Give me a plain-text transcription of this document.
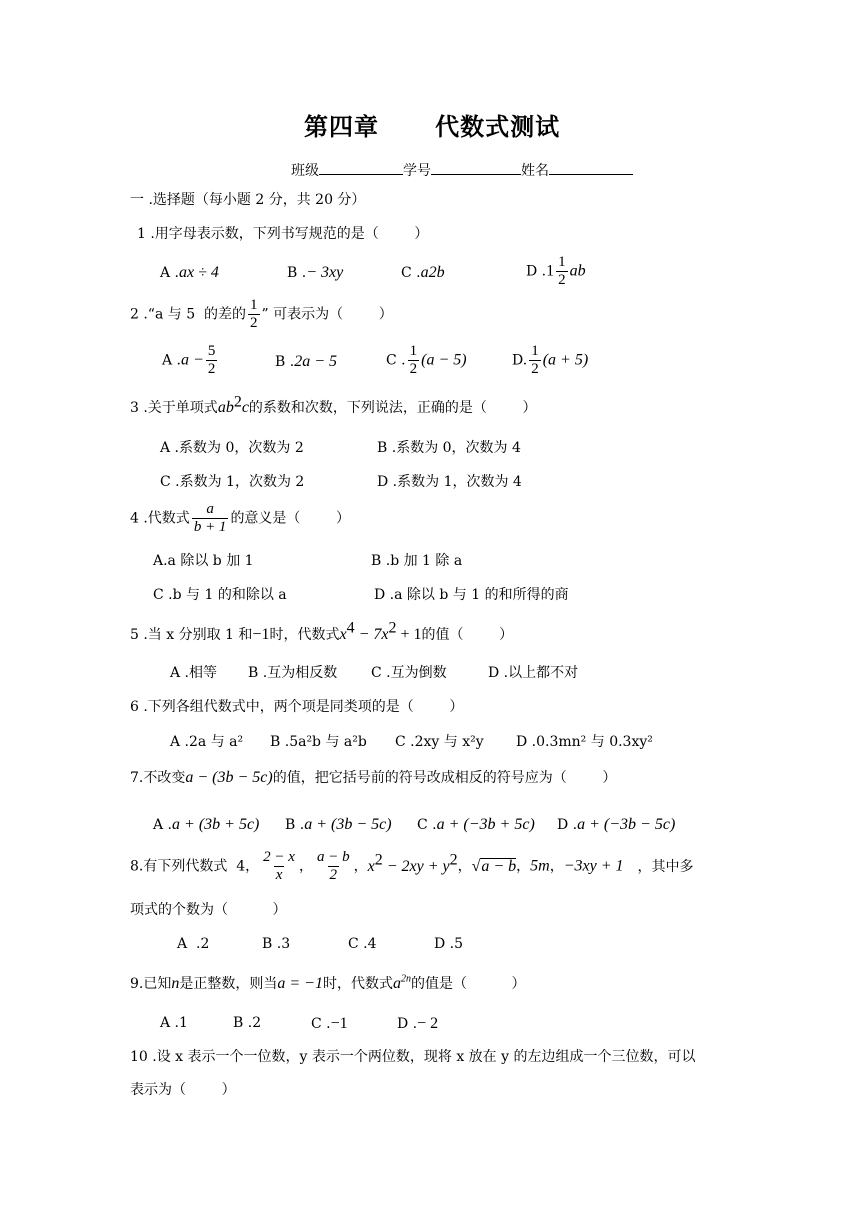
第四章      代数式测试
班级	学号	姓名
一 .选择题（每小题 2 分，共 20 分）
1 .用字母表示数，下列书写规范的是（        ）
A .ax ÷ 4	B .− 3xy	C .a2b	D $.1 \frac{1}{2}$ ab
2 .“a 与 5  的差的 $\frac{1}{2}$ ” 可表示为（        ）
A $.a - \frac{5}{2}$	B .2a − 5	C . $\frac{1}{2} (a - 5)$	D. $\frac{1}{2} (a + 5)$
3 .关于单项式$ab^2c$的系数和次数，下列说法，正确的是（        ）
A .系数为 0，次数为 2	B .系数为 0，次数为 4
C .系数为 1，次数为 2	D .系数为 1，次数为 4
4 .代数式 $\frac{a}{b + 1}$ 的意义是（        ）
A.a 除以 b 加 1	B .b 加 1 除 a
C .b 与 1 的和除以 a	D .a 除以 b 与 1 的和所得的商
5 .当 x 分别取 1 和−1时，代数式$x^4 - 7x^2 + 1$的值（        ）
A .相等 B .互为相反数 C .互为倒数	D .以上都不对
6 .下列各组代数式中，两个项是同类项的是（        ）
A .2a 与 a² B .5a²b 与 a²b C .2xy 与 x²y D .0.3mn² 与 0.3xy²
7.不改变a − (3b − 5c)的值，把它括号前的符号改成相反的符号应为（        ）
A .a + (3b + 5c) B .a + (3b − 5c) C .a + (−3b + 5c) D .a + (−3b − 5c)
8.有下列代数式  4， $\frac{2 - x}{x}$ ， $\frac{a - b}{2}$ ，$x^2 - 2xy + y^2$，√a − b，5m，−3xy + 1 ，其中多
项式的个数为（          ）
A  .2	B .3	C .4	D .5
9.已知n是正整数，则当a = −1时，代数式$a^{2n}$的值是（          ）
A .1	B .2	C .−1	D .− 2
10 .设 x 表示一个一位数，y 表示一个两位数，现将 x 放在 y 的左边组成一个三位数，可以
表示为（        ）
